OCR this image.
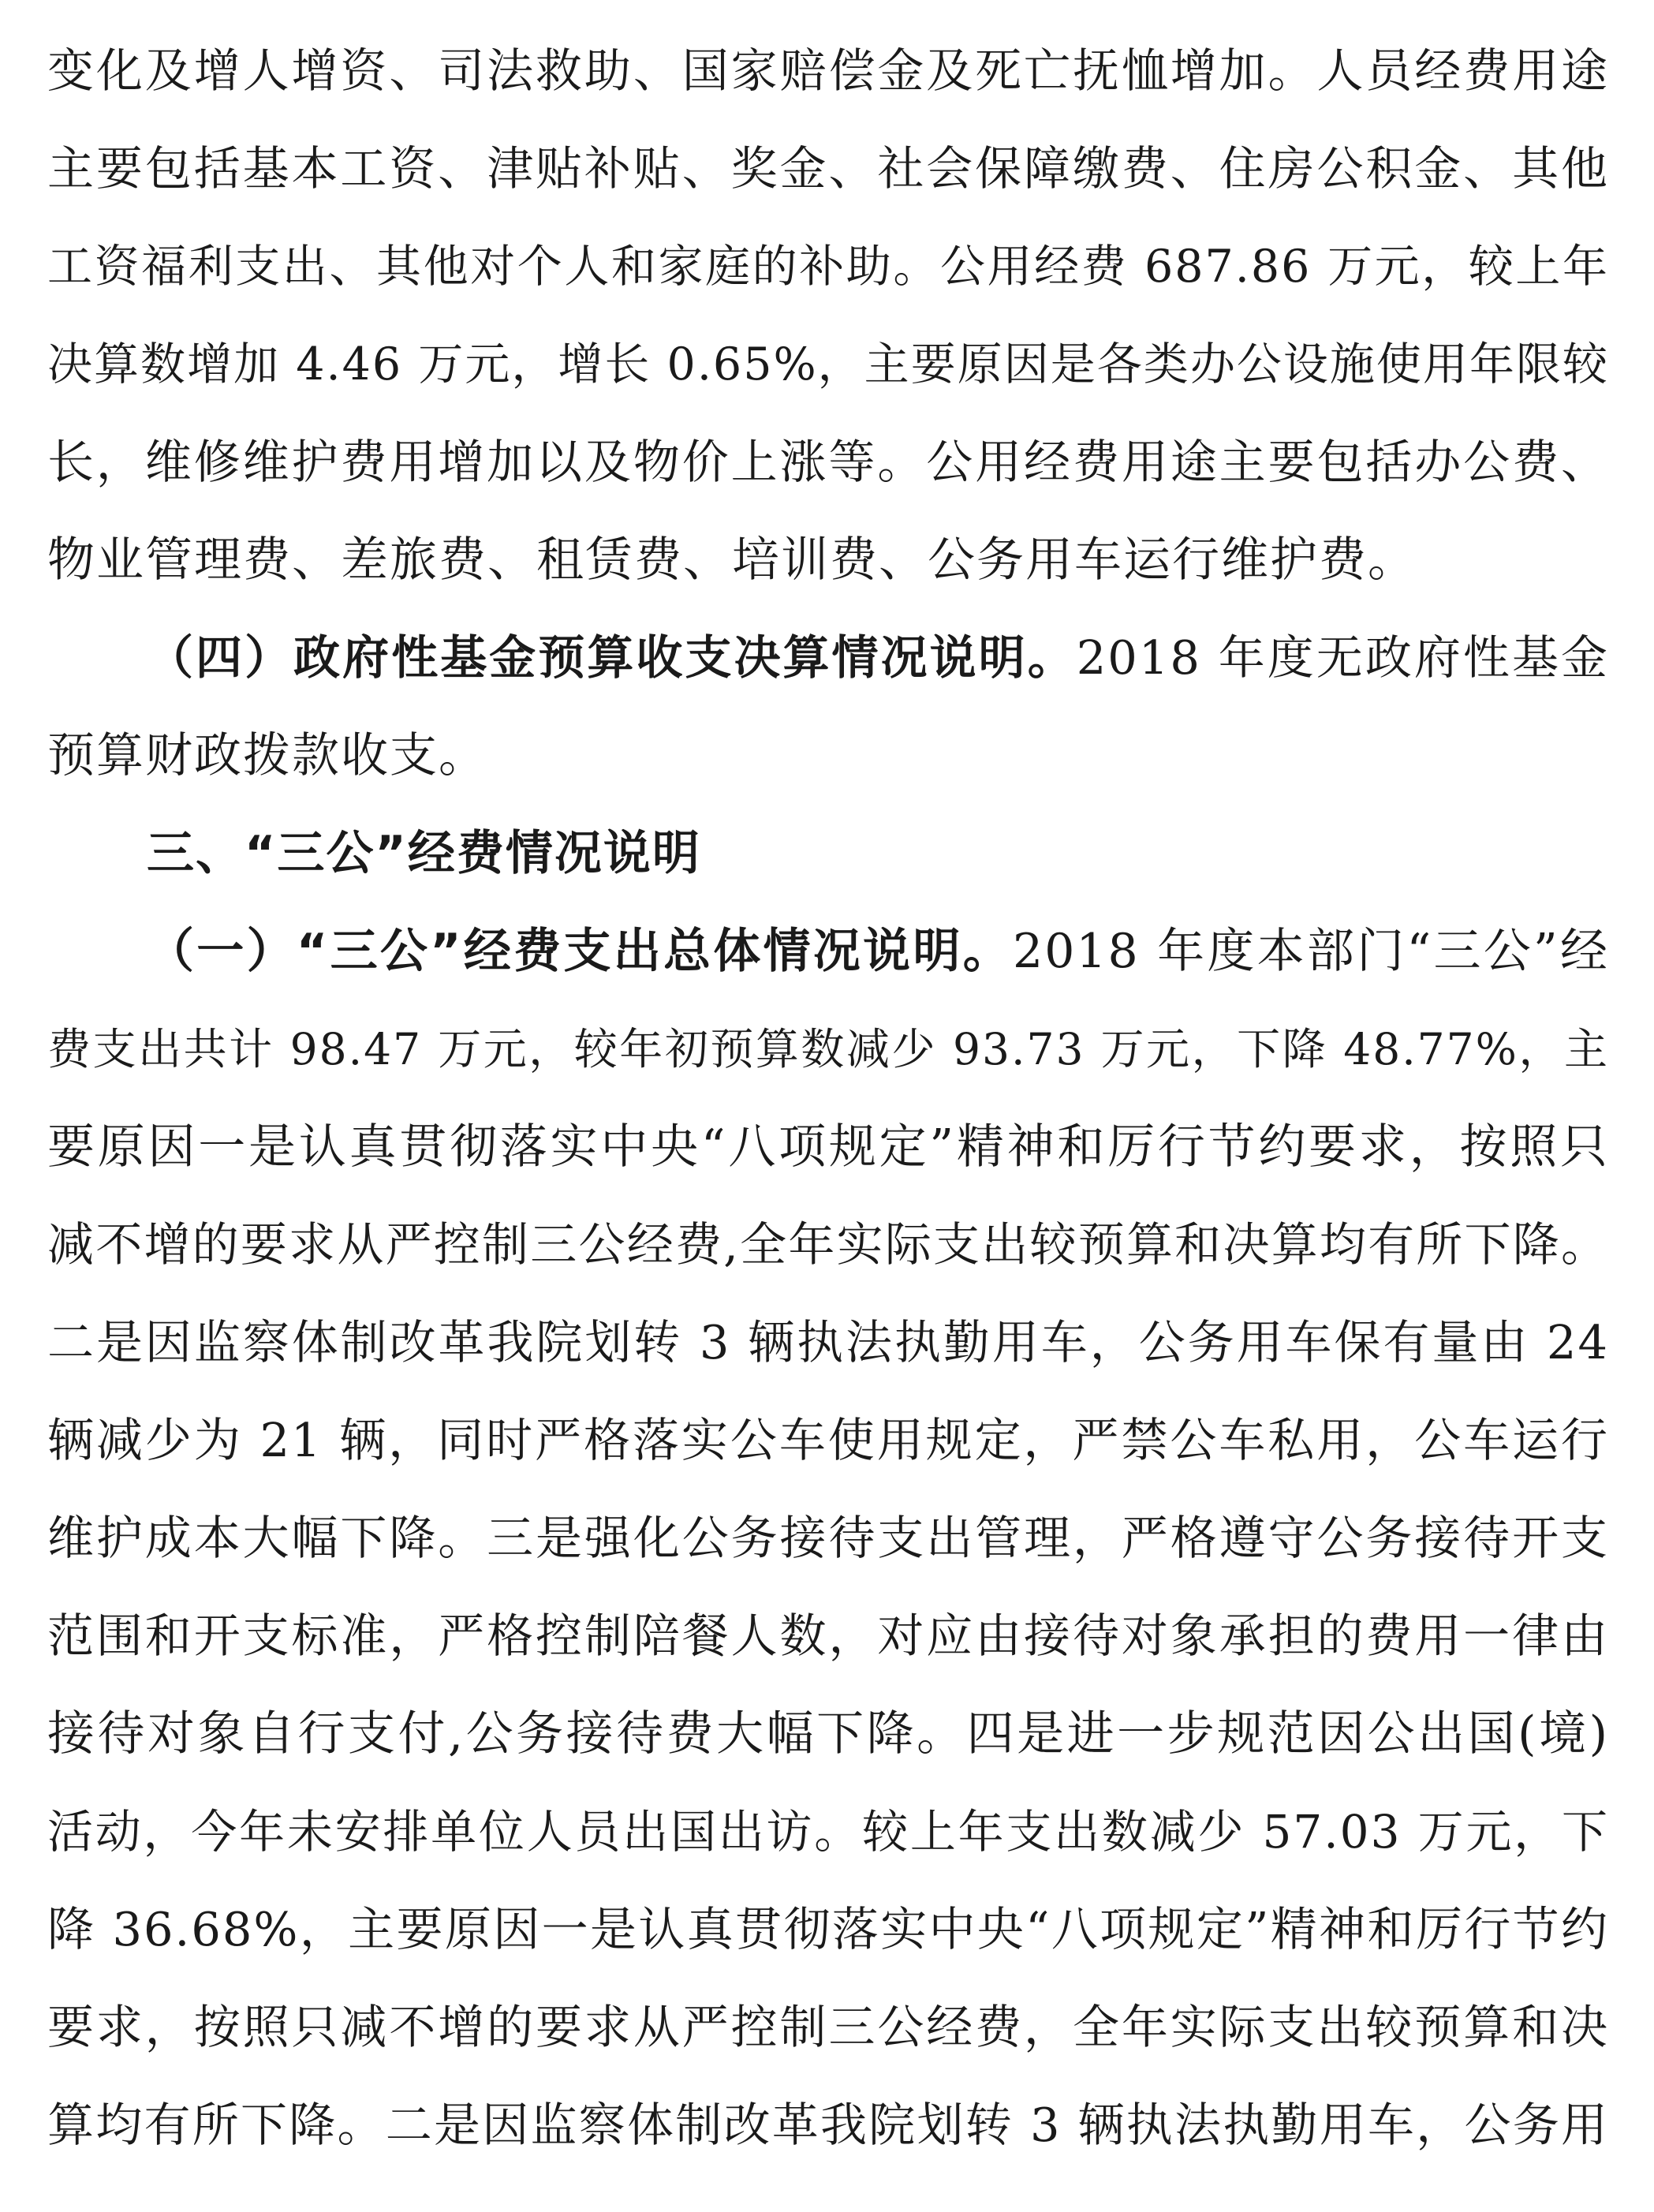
变化及增人增资、司法救助、国家赔偿金及死亡抚恤增加。人员经费用途
主要包括基本工资、津贴补贴、奖金、社会保障缴费、住房公积金、其他
工资福利支出、其他对个人和家庭的补助。公用经费 687.86 万元，较上年
决算数增加 4.46 万元，增长 0.65%，主要原因是各类办公设施使用年限较
长，维修维护费用增加以及物价上涨等。公用经费用途主要包括办公费、
物业管理费、差旅费、租赁费、培训费、公务用车运行维护费。
（四）政府性基金预算收支决算情况说明。2018 年度无政府性基金
预算财政拨款收支。
三、“三公”经费情况说明
（一）“三公”经费支出总体情况说明。2018 年度本部门“三公”经
费支出共计 98.47 万元，较年初预算数减少 93.73 万元，下降 48.77%，主
要原因一是认真贯彻落实中央“八项规定”精神和厉行节约要求，按照只
减不增的要求从严控制三公经费,全年实际支出较预算和决算均有所下降。
二是因监察体制改革我院划转 3 辆执法执勤用车，公务用车保有量由 24
辆减少为 21 辆，同时严格落实公车使用规定，严禁公车私用，公车运行
维护成本大幅下降。三是强化公务接待支出管理，严格遵守公务接待开支
范围和开支标准，严格控制陪餐人数，对应由接待对象承担的费用一律由
接待对象自行支付,公务接待费大幅下降。四是进一步规范因公出国(境)
活动，今年未安排单位人员出国出访。较上年支出数减少 57.03 万元，下
降 36.68%，主要原因一是认真贯彻落实中央“八项规定”精神和厉行节约
要求，按照只减不增的要求从严控制三公经费，全年实际支出较预算和决
算均有所下降。二是因监察体制改革我院划转 3 辆执法执勤用车，公务用
